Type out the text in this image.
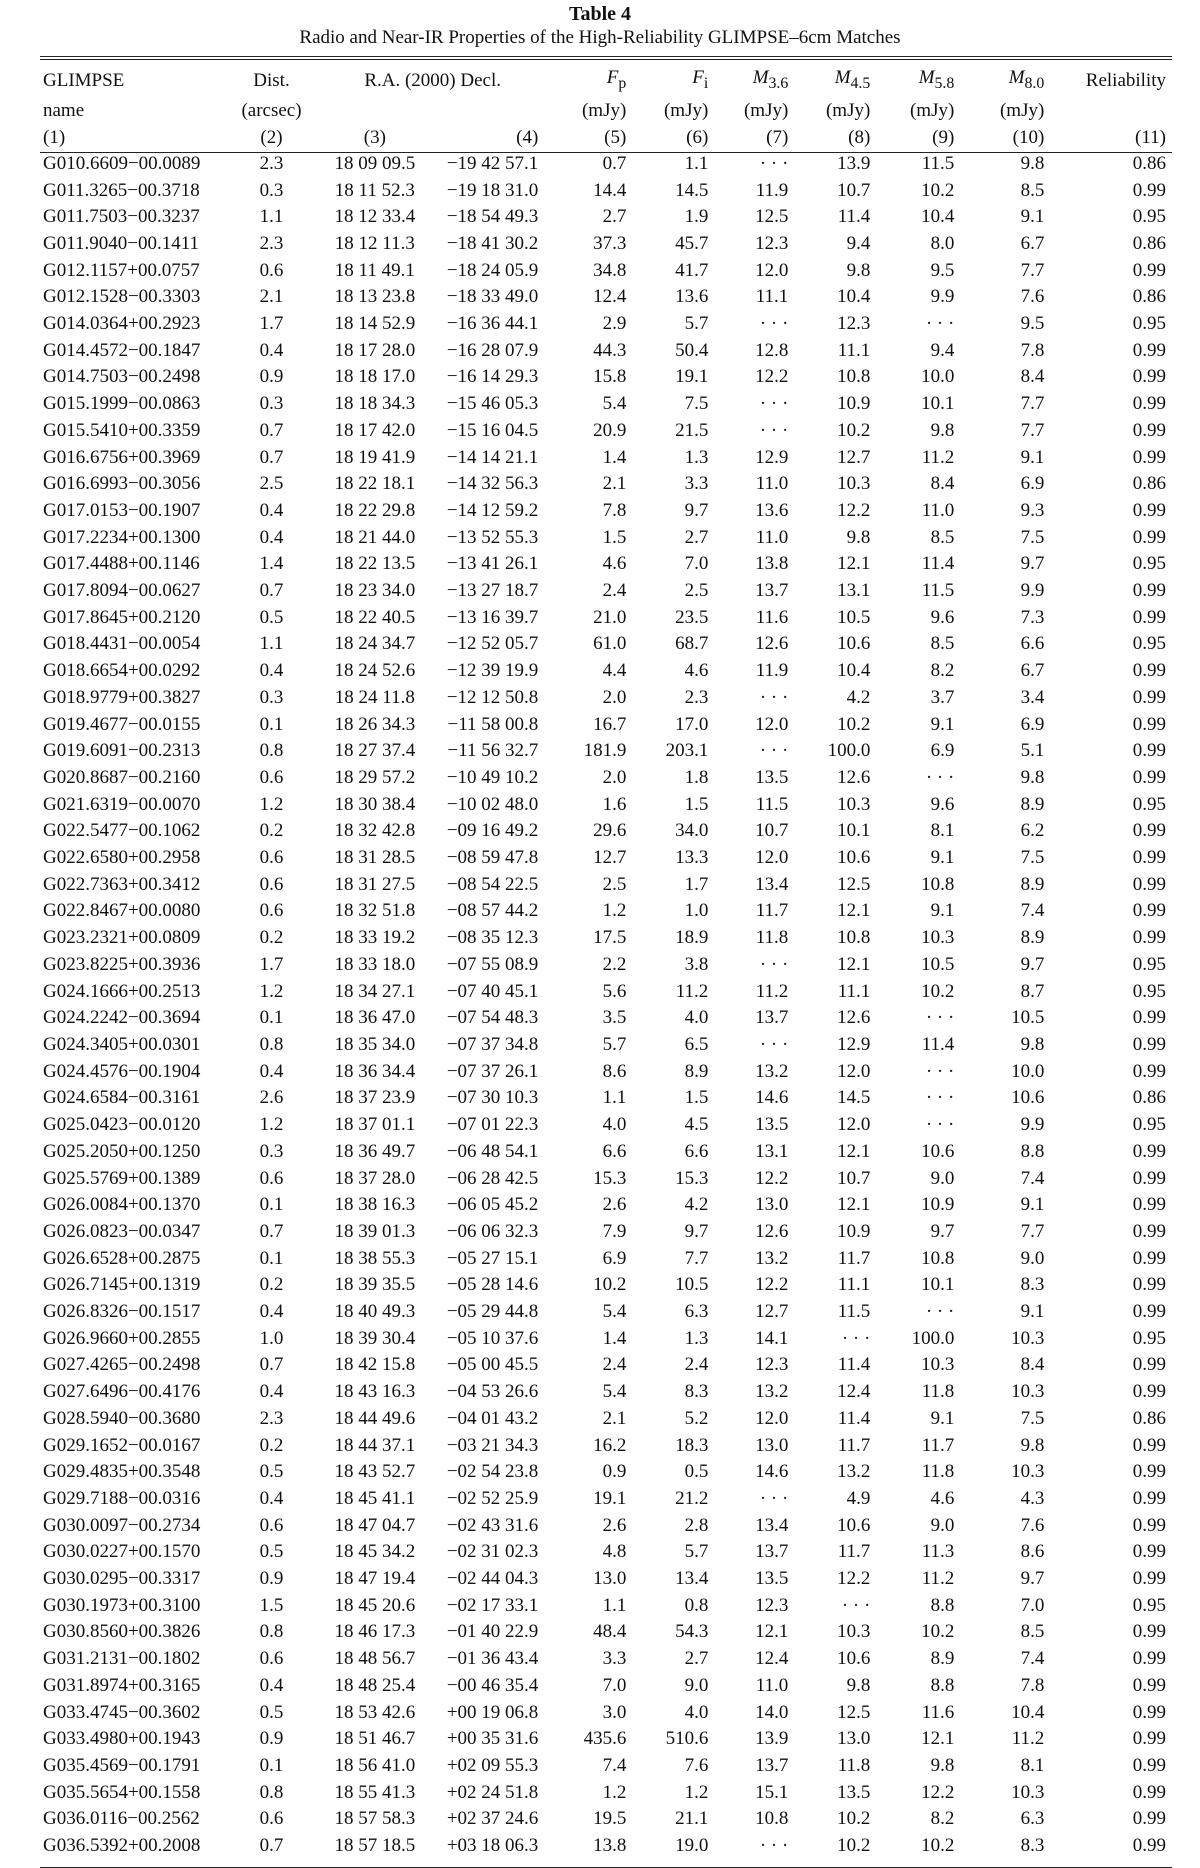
Table 4
Radio and Near-IR Properties of the High-Reliability GLIMPSE–6cm Matches
GLIMPSE	Dist.	R.A. (2000) Decl.		$F_p$	$F_i$	$M_{3.6}$	$M_{4.5}$	$M_{5.8}$	$M_{8.0}$	Reliability
name	(arcsec)			(mJy)	(mJy)	(mJy)	(mJy)	(mJy)	(mJy)	
(1)	(2)	(3)	(4)	(5)	(6)	(7)	(8)	(9)	(10)	(11)
G010.6609−00.0089	2.3	18 09 09.5	−19 42 57.1	0.7	1.1	· · ·	13.9	11.5	9.8	0.86
G011.3265−00.3718	0.3	18 11 52.3	−19 18 31.0	14.4	14.5	11.9	10.7	10.2	8.5	0.99
G011.7503−00.3237	1.1	18 12 33.4	−18 54 49.3	2.7	1.9	12.5	11.4	10.4	9.1	0.95
G011.9040−00.1411	2.3	18 12 11.3	−18 41 30.2	37.3	45.7	12.3	9.4	8.0	6.7	0.86
G012.1157+00.0757	0.6	18 11 49.1	−18 24 05.9	34.8	41.7	12.0	9.8	9.5	7.7	0.99
G012.1528−00.3303	2.1	18 13 23.8	−18 33 49.0	12.4	13.6	11.1	10.4	9.9	7.6	0.86
G014.0364+00.2923	1.7	18 14 52.9	−16 36 44.1	2.9	5.7	· · ·	12.3	· · ·	9.5	0.95
G014.4572−00.1847	0.4	18 17 28.0	−16 28 07.9	44.3	50.4	12.8	11.1	9.4	7.8	0.99
G014.7503−00.2498	0.9	18 18 17.0	−16 14 29.3	15.8	19.1	12.2	10.8	10.0	8.4	0.99
G015.1999−00.0863	0.3	18 18 34.3	−15 46 05.3	5.4	7.5	· · ·	10.9	10.1	7.7	0.99
G015.5410+00.3359	0.7	18 17 42.0	−15 16 04.5	20.9	21.5	· · ·	10.2	9.8	7.7	0.99
G016.6756+00.3969	0.7	18 19 41.9	−14 14 21.1	1.4	1.3	12.9	12.7	11.2	9.1	0.99
G016.6993−00.3056	2.5	18 22 18.1	−14 32 56.3	2.1	3.3	11.0	10.3	8.4	6.9	0.86
G017.0153−00.1907	0.4	18 22 29.8	−14 12 59.2	7.8	9.7	13.6	12.2	11.0	9.3	0.99
G017.2234+00.1300	0.4	18 21 44.0	−13 52 55.3	1.5	2.7	11.0	9.8	8.5	7.5	0.99
G017.4488+00.1146	1.4	18 22 13.5	−13 41 26.1	4.6	7.0	13.8	12.1	11.4	9.7	0.95
G017.8094−00.0627	0.7	18 23 34.0	−13 27 18.7	2.4	2.5	13.7	13.1	11.5	9.9	0.99
G017.8645+00.2120	0.5	18 22 40.5	−13 16 39.7	21.0	23.5	11.6	10.5	9.6	7.3	0.99
G018.4431−00.0054	1.1	18 24 34.7	−12 52 05.7	61.0	68.7	12.6	10.6	8.5	6.6	0.95
G018.6654+00.0292	0.4	18 24 52.6	−12 39 19.9	4.4	4.6	11.9	10.4	8.2	6.7	0.99
G018.9779+00.3827	0.3	18 24 11.8	−12 12 50.8	2.0	2.3	· · ·	4.2	3.7	3.4	0.99
G019.4677−00.0155	0.1	18 26 34.3	−11 58 00.8	16.7	17.0	12.0	10.2	9.1	6.9	0.99
G019.6091−00.2313	0.8	18 27 37.4	−11 56 32.7	181.9	203.1	· · ·	100.0	6.9	5.1	0.99
G020.8687−00.2160	0.6	18 29 57.2	−10 49 10.2	2.0	1.8	13.5	12.6	· · ·	9.8	0.99
G021.6319−00.0070	1.2	18 30 38.4	−10 02 48.0	1.6	1.5	11.5	10.3	9.6	8.9	0.95
G022.5477−00.1062	0.2	18 32 42.8	−09 16 49.2	29.6	34.0	10.7	10.1	8.1	6.2	0.99
G022.6580+00.2958	0.6	18 31 28.5	−08 59 47.8	12.7	13.3	12.0	10.6	9.1	7.5	0.99
G022.7363+00.3412	0.6	18 31 27.5	−08 54 22.5	2.5	1.7	13.4	12.5	10.8	8.9	0.99
G022.8467+00.0080	0.6	18 32 51.8	−08 57 44.2	1.2	1.0	11.7	12.1	9.1	7.4	0.99
G023.2321+00.0809	0.2	18 33 19.2	−08 35 12.3	17.5	18.9	11.8	10.8	10.3	8.9	0.99
G023.8225+00.3936	1.7	18 33 18.0	−07 55 08.9	2.2	3.8	· · ·	12.1	10.5	9.7	0.95
G024.1666+00.2513	1.2	18 34 27.1	−07 40 45.1	5.6	11.2	11.2	11.1	10.2	8.7	0.95
G024.2242−00.3694	0.1	18 36 47.0	−07 54 48.3	3.5	4.0	13.7	12.6	· · ·	10.5	0.99
G024.3405+00.0301	0.8	18 35 34.0	−07 37 34.8	5.7	6.5	· · ·	12.9	11.4	9.8	0.99
G024.4576−00.1904	0.4	18 36 34.4	−07 37 26.1	8.6	8.9	13.2	12.0	· · ·	10.0	0.99
G024.6584−00.3161	2.6	18 37 23.9	−07 30 10.3	1.1	1.5	14.6	14.5	· · ·	10.6	0.86
G025.0423−00.0120	1.2	18 37 01.1	−07 01 22.3	4.0	4.5	13.5	12.0	· · ·	9.9	0.95
G025.2050+00.1250	0.3	18 36 49.7	−06 48 54.1	6.6	6.6	13.1	12.1	10.6	8.8	0.99
G025.5769+00.1389	0.6	18 37 28.0	−06 28 42.5	15.3	15.3	12.2	10.7	9.0	7.4	0.99
G026.0084+00.1370	0.1	18 38 16.3	−06 05 45.2	2.6	4.2	13.0	12.1	10.9	9.1	0.99
G026.0823−00.0347	0.7	18 39 01.3	−06 06 32.3	7.9	9.7	12.6	10.9	9.7	7.7	0.99
G026.6528+00.2875	0.1	18 38 55.3	−05 27 15.1	6.9	7.7	13.2	11.7	10.8	9.0	0.99
G026.7145+00.1319	0.2	18 39 35.5	−05 28 14.6	10.2	10.5	12.2	11.1	10.1	8.3	0.99
G026.8326−00.1517	0.4	18 40 49.3	−05 29 44.8	5.4	6.3	12.7	11.5	· · ·	9.1	0.99
G026.9660+00.2855	1.0	18 39 30.4	−05 10 37.6	1.4	1.3	14.1	· · ·	100.0	10.3	0.95
G027.4265−00.2498	0.7	18 42 15.8	−05 00 45.5	2.4	2.4	12.3	11.4	10.3	8.4	0.99
G027.6496−00.4176	0.4	18 43 16.3	−04 53 26.6	5.4	8.3	13.2	12.4	11.8	10.3	0.99
G028.5940−00.3680	2.3	18 44 49.6	−04 01 43.2	2.1	5.2	12.0	11.4	9.1	7.5	0.86
G029.1652−00.0167	0.2	18 44 37.1	−03 21 34.3	16.2	18.3	13.0	11.7	11.7	9.8	0.99
G029.4835+00.3548	0.5	18 43 52.7	−02 54 23.8	0.9	0.5	14.6	13.2	11.8	10.3	0.99
G029.7188−00.0316	0.4	18 45 41.1	−02 52 25.9	19.1	21.2	· · ·	4.9	4.6	4.3	0.99
G030.0097−00.2734	0.6	18 47 04.7	−02 43 31.6	2.6	2.8	13.4	10.6	9.0	7.6	0.99
G030.0227+00.1570	0.5	18 45 34.2	−02 31 02.3	4.8	5.7	13.7	11.7	11.3	8.6	0.99
G030.0295−00.3317	0.9	18 47 19.4	−02 44 04.3	13.0	13.4	13.5	12.2	11.2	9.7	0.99
G030.1973+00.3100	1.5	18 45 20.6	−02 17 33.1	1.1	0.8	12.3	· · ·	8.8	7.0	0.95
G030.8560+00.3826	0.8	18 46 17.3	−01 40 22.9	48.4	54.3	12.1	10.3	10.2	8.5	0.99
G031.2131−00.1802	0.6	18 48 56.7	−01 36 43.4	3.3	2.7	12.4	10.6	8.9	7.4	0.99
G031.8974+00.3165	0.4	18 48 25.4	−00 46 35.4	7.0	9.0	11.0	9.8	8.8	7.8	0.99
G033.4745−00.3602	0.5	18 53 42.6	+00 19 06.8	3.0	4.0	14.0	12.5	11.6	10.4	0.99
G033.4980+00.1943	0.9	18 51 46.7	+00 35 31.6	435.6	510.6	13.9	13.0	12.1	11.2	0.99
G035.4569−00.1791	0.1	18 56 41.0	+02 09 55.3	7.4	7.6	13.7	11.8	9.8	8.1	0.99
G035.5654+00.1558	0.8	18 55 41.3	+02 24 51.8	1.2	1.2	15.1	13.5	12.2	10.3	0.99
G036.0116−00.2562	0.6	18 57 58.3	+02 37 24.6	19.5	21.1	10.8	10.2	8.2	6.3	0.99
G036.5392+00.2008	0.7	18 57 18.5	+03 18 06.3	13.8	19.0	· · ·	10.2	10.2	8.3	0.99
